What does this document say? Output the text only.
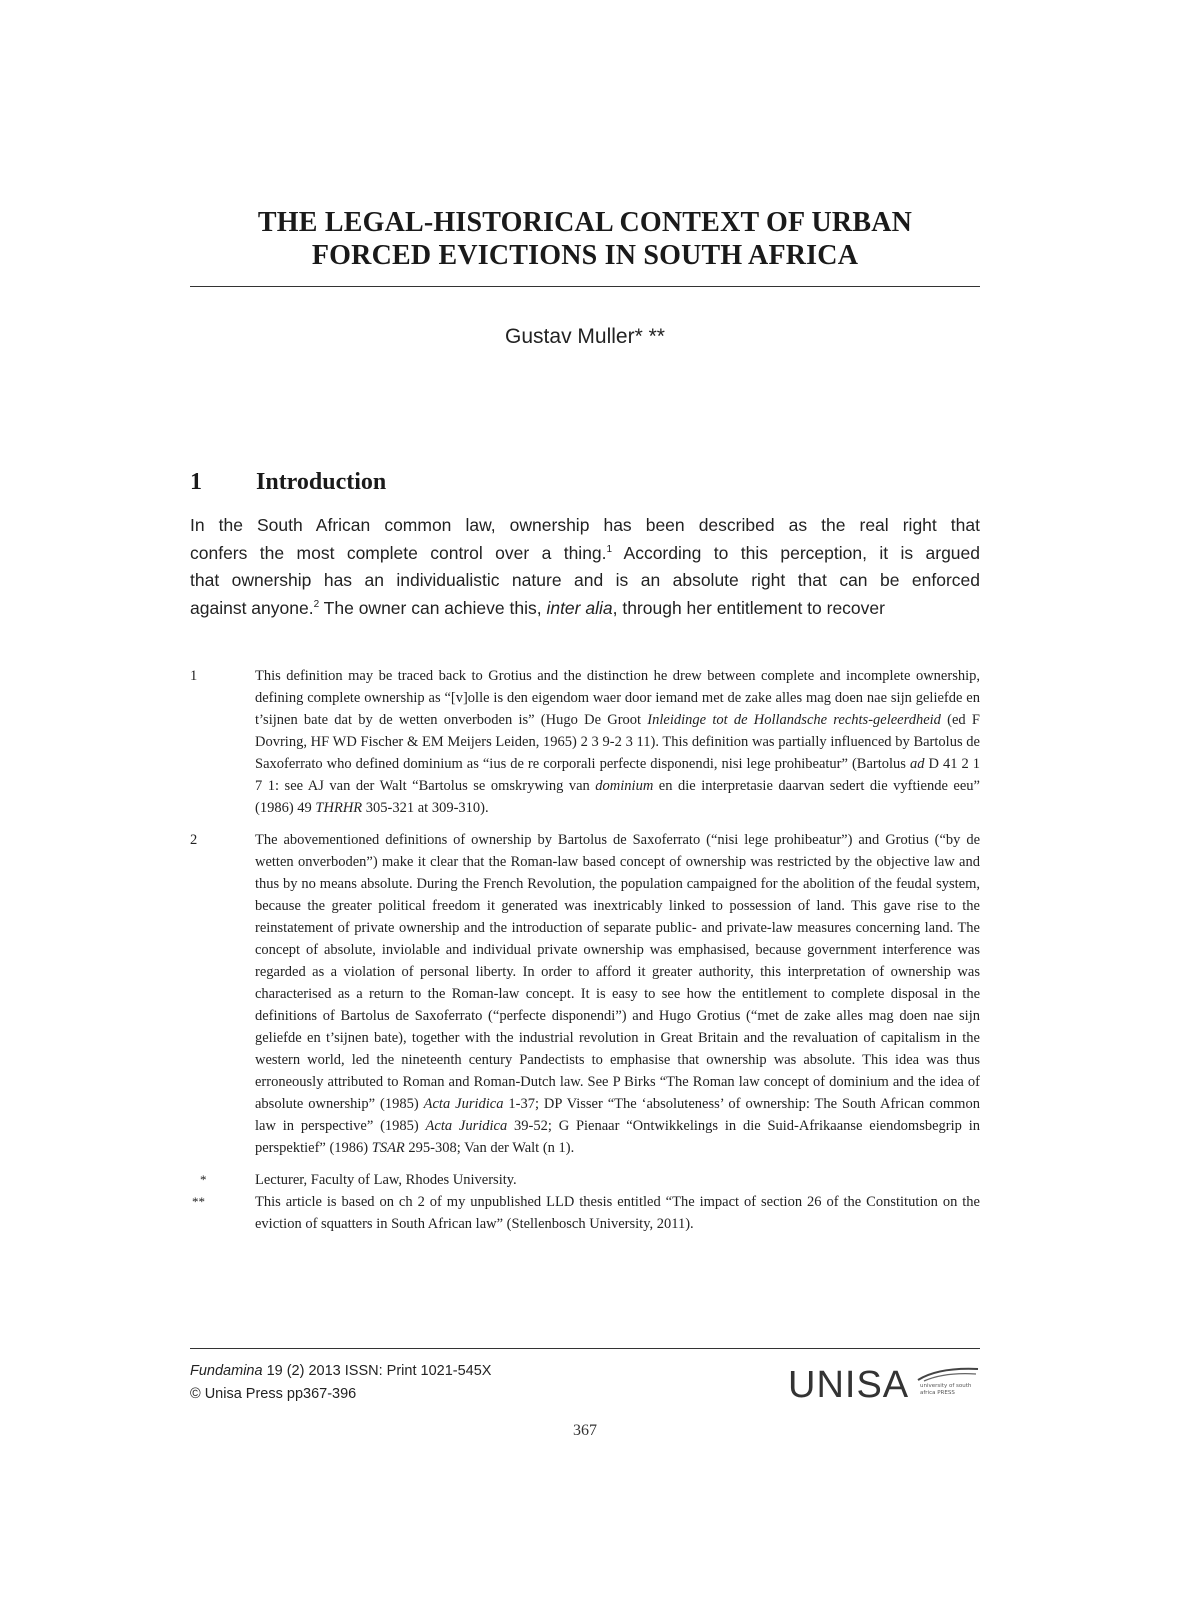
THE LEGAL-HISTORICAL CONTEXT OF URBAN
FORCED EVICTIONS IN SOUTH AFRICA
Gustav Muller* **
1 Introduction
In the South African common law, ownership has been described as the real right that
confers the most complete control over a thing.$^1$ According to this perception, it is argued
that ownership has an individualistic nature and is an absolute right that can be enforced
against anyone.$^2$ The owner can achieve this, inter alia, through her entitlement to recover
1	This definition may be traced back to Grotius and the distinction he drew between complete and incomplete ownership, defining complete ownership as “[v]olle is den eigendom waer door iemand met de zake alles mag doen nae sijn geliefde en t’sijnen bate dat by de wetten onverboden is” (Hugo De Groot Inleidinge tot de Hollandsche rechts-geleerdheid (ed F Dovring, HF WD Fischer & EM Meijers Leiden, 1965) 2 3 9-2 3 11). This definition was partially influenced by Bartolus de Saxoferrato who defined dominium as “ius de re corporali perfecte disponendi, nisi lege prohibeatur” (Bartolus ad D 41 2 1 7 1: see AJ van der Walt “Bartolus se omskrywing van dominium en die interpretasie daarvan sedert die vyftiende eeu” (1986) 49 THRHR 305-321 at 309-310).
2	The abovementioned definitions of ownership by Bartolus de Saxoferrato (“nisi lege prohibeatur”) and Grotius (“by de wetten onverboden”) make it clear that the Roman-law based concept of ownership was restricted by the objective law and thus by no means absolute. During the French Revolution, the population campaigned for the abolition of the feudal system, because the greater political freedom it generated was inextricably linked to possession of land. This gave rise to the reinstatement of private ownership and the introduction of separate public- and private-law measures concerning land. The concept of absolute, inviolable and individual private ownership was emphasised, because government interference was regarded as a violation of personal liberty. In order to afford it greater authority, this interpretation of ownership was characterised as a return to the Roman-law concept. It is easy to see how the entitlement to complete disposal in the definitions of Bartolus de Saxoferrato (“perfecte disponendi”) and Hugo Grotius (“met de zake alles mag doen nae sijn geliefde en t’sijnen bate), together with the industrial revolution in Great Britain and the revaluation of capitalism in the western world, led the nineteenth century Pandectists to emphasise that ownership was absolute. This idea was thus erroneously attributed to Roman and Roman-Dutch law. See P Birks “The Roman law concept of dominium and the idea of absolute ownership” (1985) Acta Juridica 1-37; DP Visser “The ‘absoluteness’ of ownership: The South African common law in perspective” (1985) Acta Juridica 39-52; G Pienaar “Ontwikkelings in die Suid-Afrikaanse eiendomsbegrip in perspektief” (1986) TSAR 295-308; Van der Walt (n 1).
*	Lecturer, Faculty of Law, Rhodes University.
**	This article is based on ch 2 of my unpublished LLD thesis entitled “The impact of section 26 of the Constitution on the eviction of squatters in South African law” (Stellenbosch University, 2011).
Fundamina 19 (2) 2013 ISSN: Print 1021-545X
© Unisa Press pp367-396	UNISA university of south africa PRESS
367
